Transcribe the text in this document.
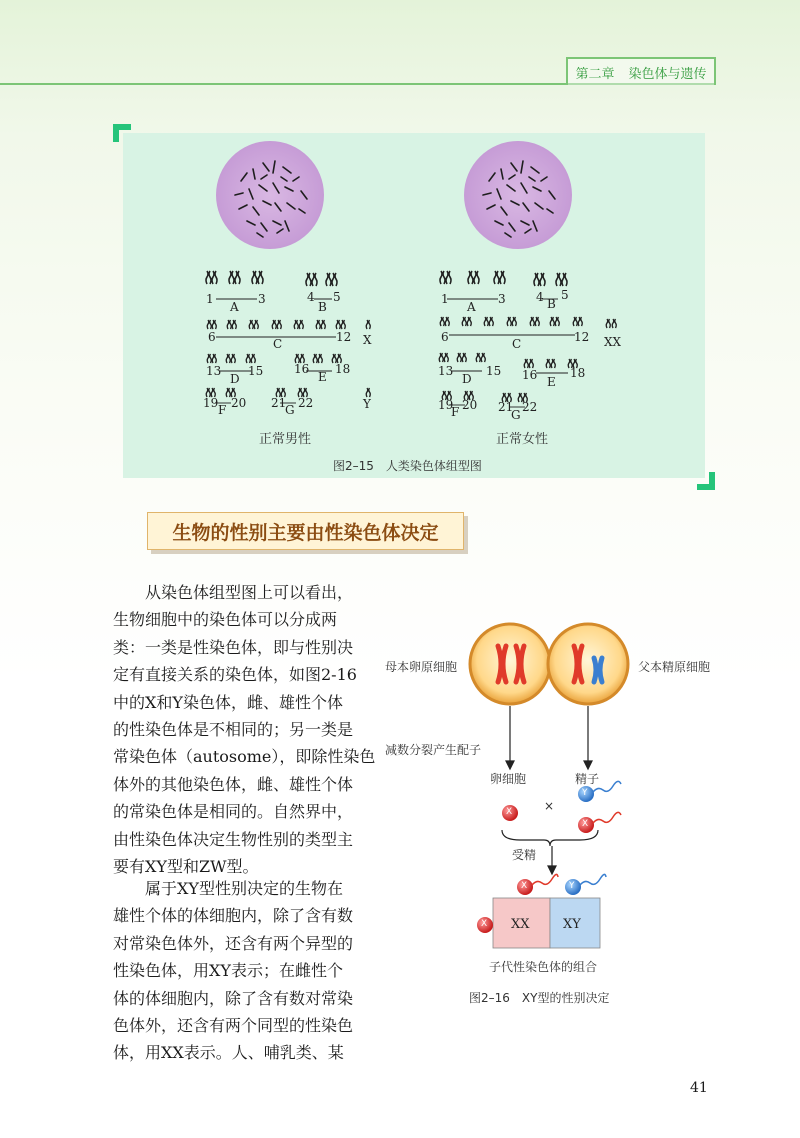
第二章 染色体与遗传
1	3
A
4 5
B
6	12
C	X
13 15
D
16 18
E
19 20
F	21 22
G	Y
正常男性
1	3
A
4 5
B
6	12
C	XX
13	15
D	16	18
E
19 20
F	21 22
G
正常女性
图2–15　人类染色体组型图
生物的性别主要由性染色体决定
从染色体组型图上可以看出，
生物细胞中的染色体可以分成两
类：一类是性染色体，即与性别决
定有直接关系的染色体，如图2-16
中的X和Y染色体，雌、雄性个体
的性染色体是不相同的；另一类是
常染色体（autosome），即除性染色
体外的其他染色体，雌、雄性个体
的常染色体是相同的。自然界中，
由性染色体决定生物性别的类型主
要有XY型和ZW型。
属于XY型性别决定的生物在
雄性个体的体细胞内，除了含有数
对常染色体外，还含有两个异型的
性染色体，用XY表示；在雌性个
体的体细胞内，除了含有数对常染
色体外，还含有两个同型的性染色
体，用XX表示。人、哺乳类、某
母本卵原细胞	父本精原细胞
减数分裂产生配子
卵细胞	精子
×
受精
X
Y
X
X	Y
X XX	XY
子代性染色体的组合
图2–16　XY型的性别决定
41
